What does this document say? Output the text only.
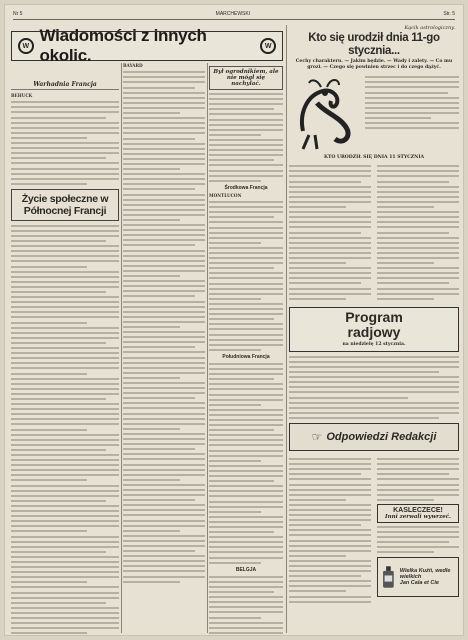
Nr 5	MARCHEWSKI	Str. 5
W
Wiadomości z innych okolic.	W
Warhadnia Francja
BEHUCK
Życie społeczne w Północnej Francji
BAYARD
Był ogrodnikiem, ale nie mógł się nachylać.
Środkowa Francja
MONTLUCON
Południowa Francja
BELGJA
Kącik astrologiczny.
Kto się urodził dnia 11-go stycznia...
Cechy charakteru. — Jakim będzie. — Wady i zalety. — Co mu grozi. — Czego się powinien strzec i do czego dążyć.
KTO URODZIŁ SIĘ DNIA 11 STYCZNIA
Program
radjowy
na niedzielę 12 stycznia.
☞ Odpowiedzi Redakcji
KASLECZECE!
Inni zerwali wywrzeć.
Wielka Kuźń, wedle wielkich
Jan Cala et Cie
